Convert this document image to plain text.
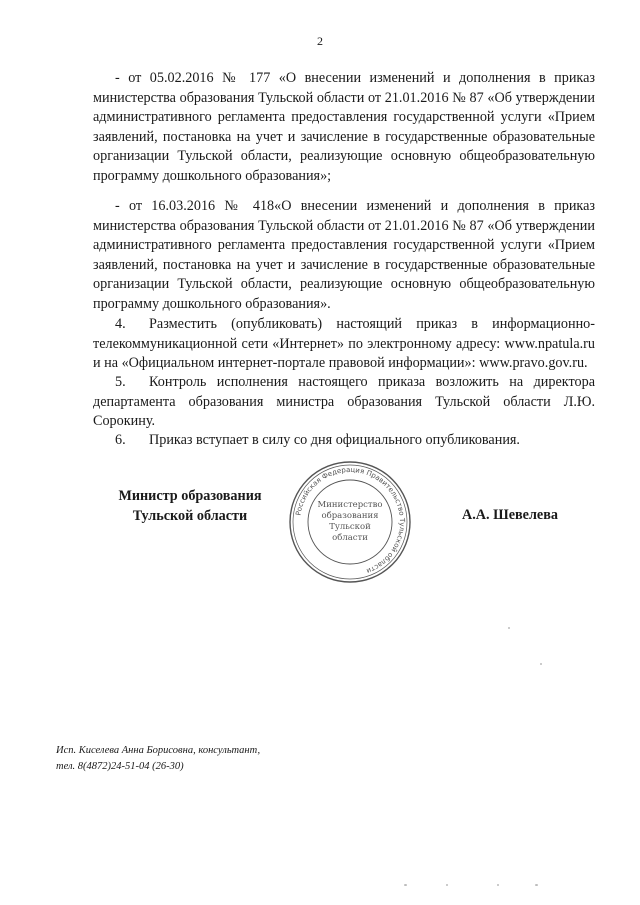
2

- от 05.02.2016 № 177 «О внесении изменений и дополнения в приказ министерства образования Тульской области от 21.01.2016 № 87 «Об утверждении административного регламента предоставления государственной услуги «Прием заявлений, постановка на учет и зачисление в государственные образовательные организации Тульской области, реализующие основную общеобразовательную программу дошкольного образования»;

- от 16.03.2016 № 418«О внесении изменений и дополнения в приказ министерства образования Тульской области от 21.01.2016 № 87 «Об утверждении административного регламента предоставления государственной услуги «Прием заявлений, постановка на учет и зачисление в государственные образовательные организации Тульской области, реализующие основную общеобразовательную программу дошкольного образования».

4. Разместить (опубликовать) настоящий приказ в информационно-телекоммуникационной сети «Интернет» по электронному адресу: www.npatula.ru и на «Официальном интернет-портале правовой информации»: www.pravo.gov.ru.

5. Контроль исполнения настоящего приказа возложить на директора департамента образования министра образования Тульской области Л.Ю. Сорокину.

6. Приказ вступает в силу со дня официального опубликования.

Министр образования
Тульской области	Российская Федерация Правительство Тульской области
Министерство
образования
Тульской
области
А.А. Шевелева
Исп. Киселева Анна Борисовна, консультант,
тел. 8(4872)24-51-04 (26-30)
